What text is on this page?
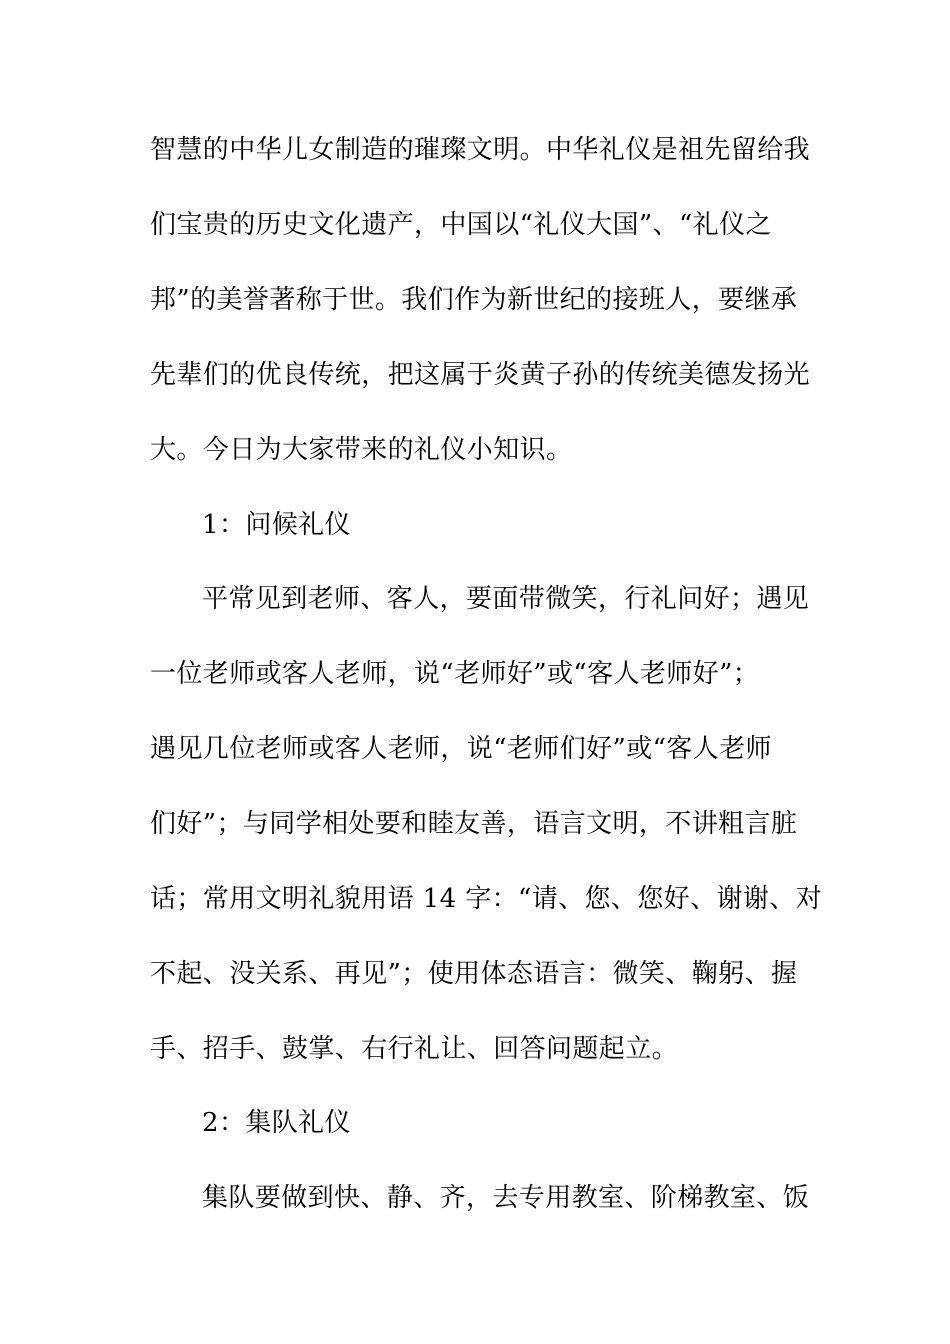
智慧的中华儿女制造的璀璨文明。中华礼仪是祖先留给我
们宝贵的历史文化遗产，中国以“礼仪大国”、“礼仪之
邦”的美誉著称于世。我们作为新世纪的接班人，要继承
先辈们的优良传统，把这属于炎黄子孙的传统美德发扬光
大。今日为大家带来的礼仪小知识。
1：问候礼仪
平常见到老师、客人，要面带微笑，行礼问好；遇见
一位老师或客人老师，说“老师好”或“客人老师好”；
遇见几位老师或客人老师，说“老师们好”或“客人老师
们好”；与同学相处要和睦友善，语言文明，不讲粗言脏
话；常用文明礼貌用语 14 字：“请、您、您好、谢谢、对
不起、没关系、再见”；使用体态语言：微笑、鞠躬、握
手、招手、鼓掌、右行礼让、回答问题起立。
2：集队礼仪
集队要做到快、静、齐，去专用教室、阶梯教室、饭
